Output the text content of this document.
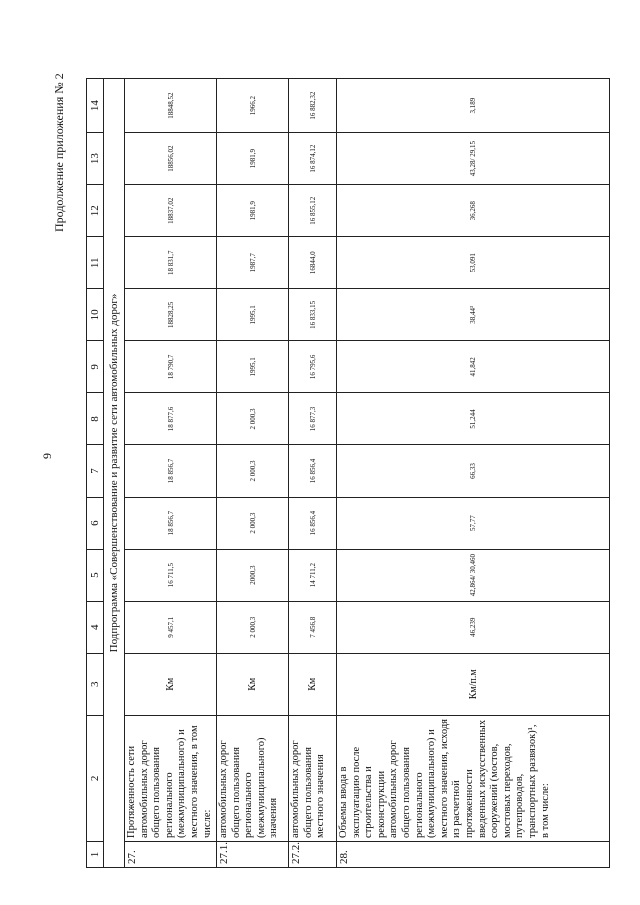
9
Продолжение приложения № 2
1	2	3	4	5	6	7	8	9	10	11	12	13	14
Подпрограмма «Совершенствование и развитие сети автомобильных дорог»													
27.	Протяженность сети автомобильных дорог общего пользования регионального (межмуниципального) и местного значения, в том числе:	Км	9 457,1	16 711,5	18 856,7	18 856,7	18 877,6	18 790,7	18828,25	18 831,7	18837,02	18856,02	18848,52
27.1.	автомобильных дорог общего пользования регионального (межмуниципального) значения	Км	2 000,3	2000,3	2 000,3	2 000,3	2 000,3	1995,1	1995,1	1987,7	1981,9	1981,9	1966,2
27.2.	автомобильных дорог общего пользования местного значения	Км	7 456,8	14 711,2	16 856,4	16 856,4	16 877,3	16 795,6	16 833,15	16844,0	16 855,12	16 874,12	16 882,32
28.	Объемы ввода в эксплуатацию после строительства и реконструкции автомобильных дорог общего пользования регионального (межмуниципального) и местного значения, исходя из расчетной протяженности введенных искусственных сооружений (мостов, мостовых переходов, путепроводов, транспортных развязок)¹, в том числе:	Км/п.м	46,239	42,864/ 30,460	57,77	66,33	51,244	41,842	38,44³	53,091	36,268	43,28/ 29,15	3,189
